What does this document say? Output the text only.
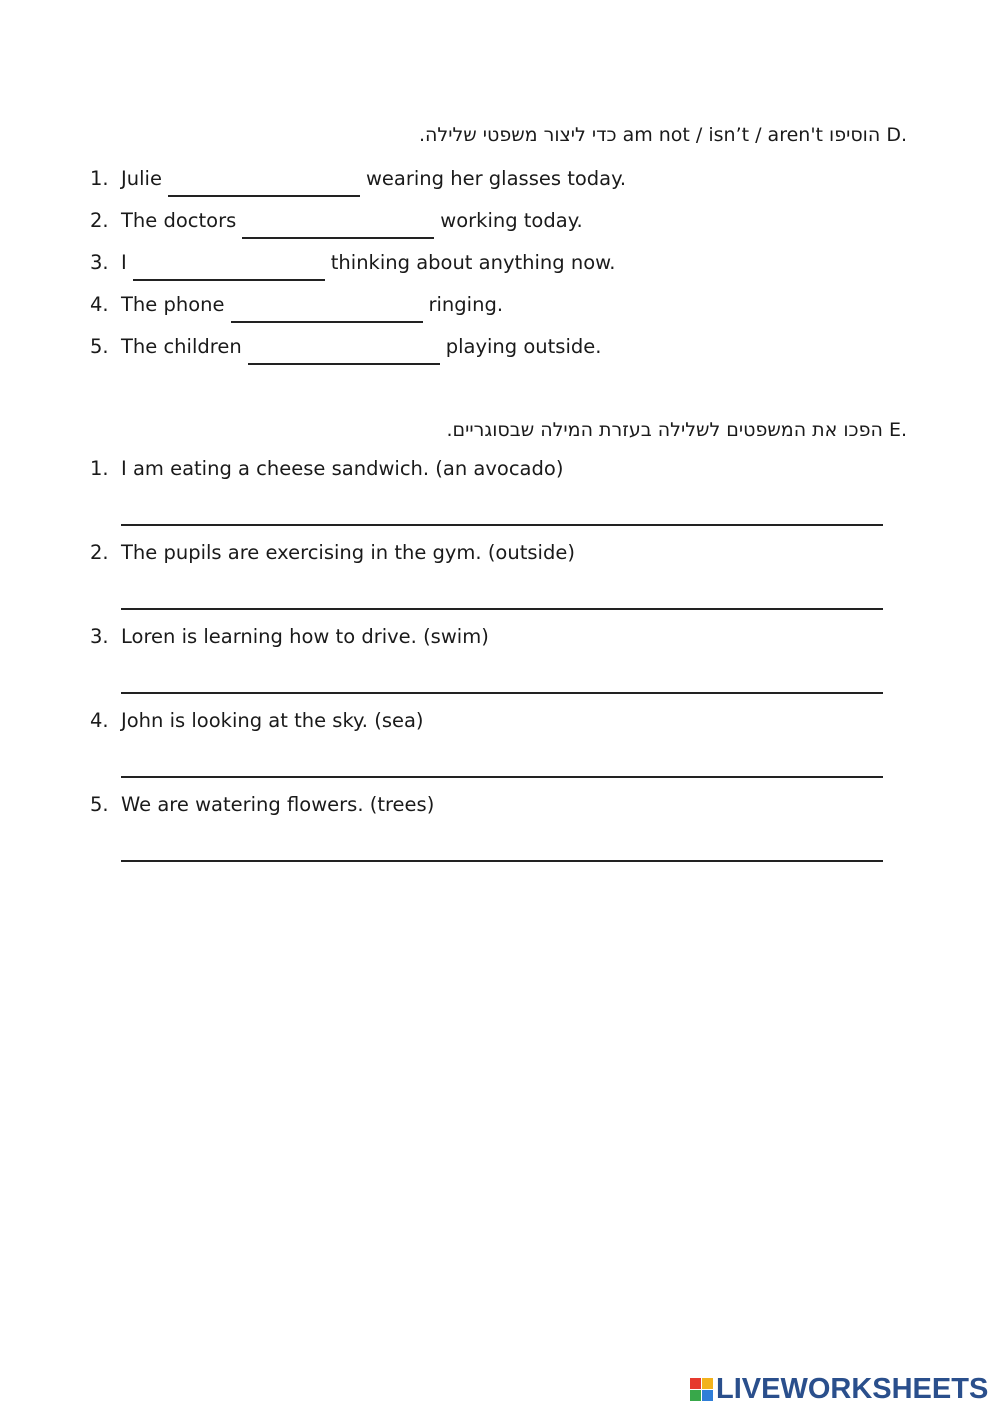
.D הוסיפו am not / isn’t / aren't כדי ליצור משפטי שלילה.
1. Julie	wearing her glasses today.
2. The doctors	working today.
3. I	thinking about anything now.
4. The phone	ringing.
5. The children	playing outside.
.E הפכו את המשפטים לשלילה בעזרת המילה שבסוגריים.
1. I am eating a cheese sandwich. (an avocado)
2. The pupils are exercising in the gym. (outside)
3. Loren is learning how to drive. (swim)
4. John is looking at the sky. (sea)
5. We are watering flowers. (trees)
LIVEWORKSHEETS
